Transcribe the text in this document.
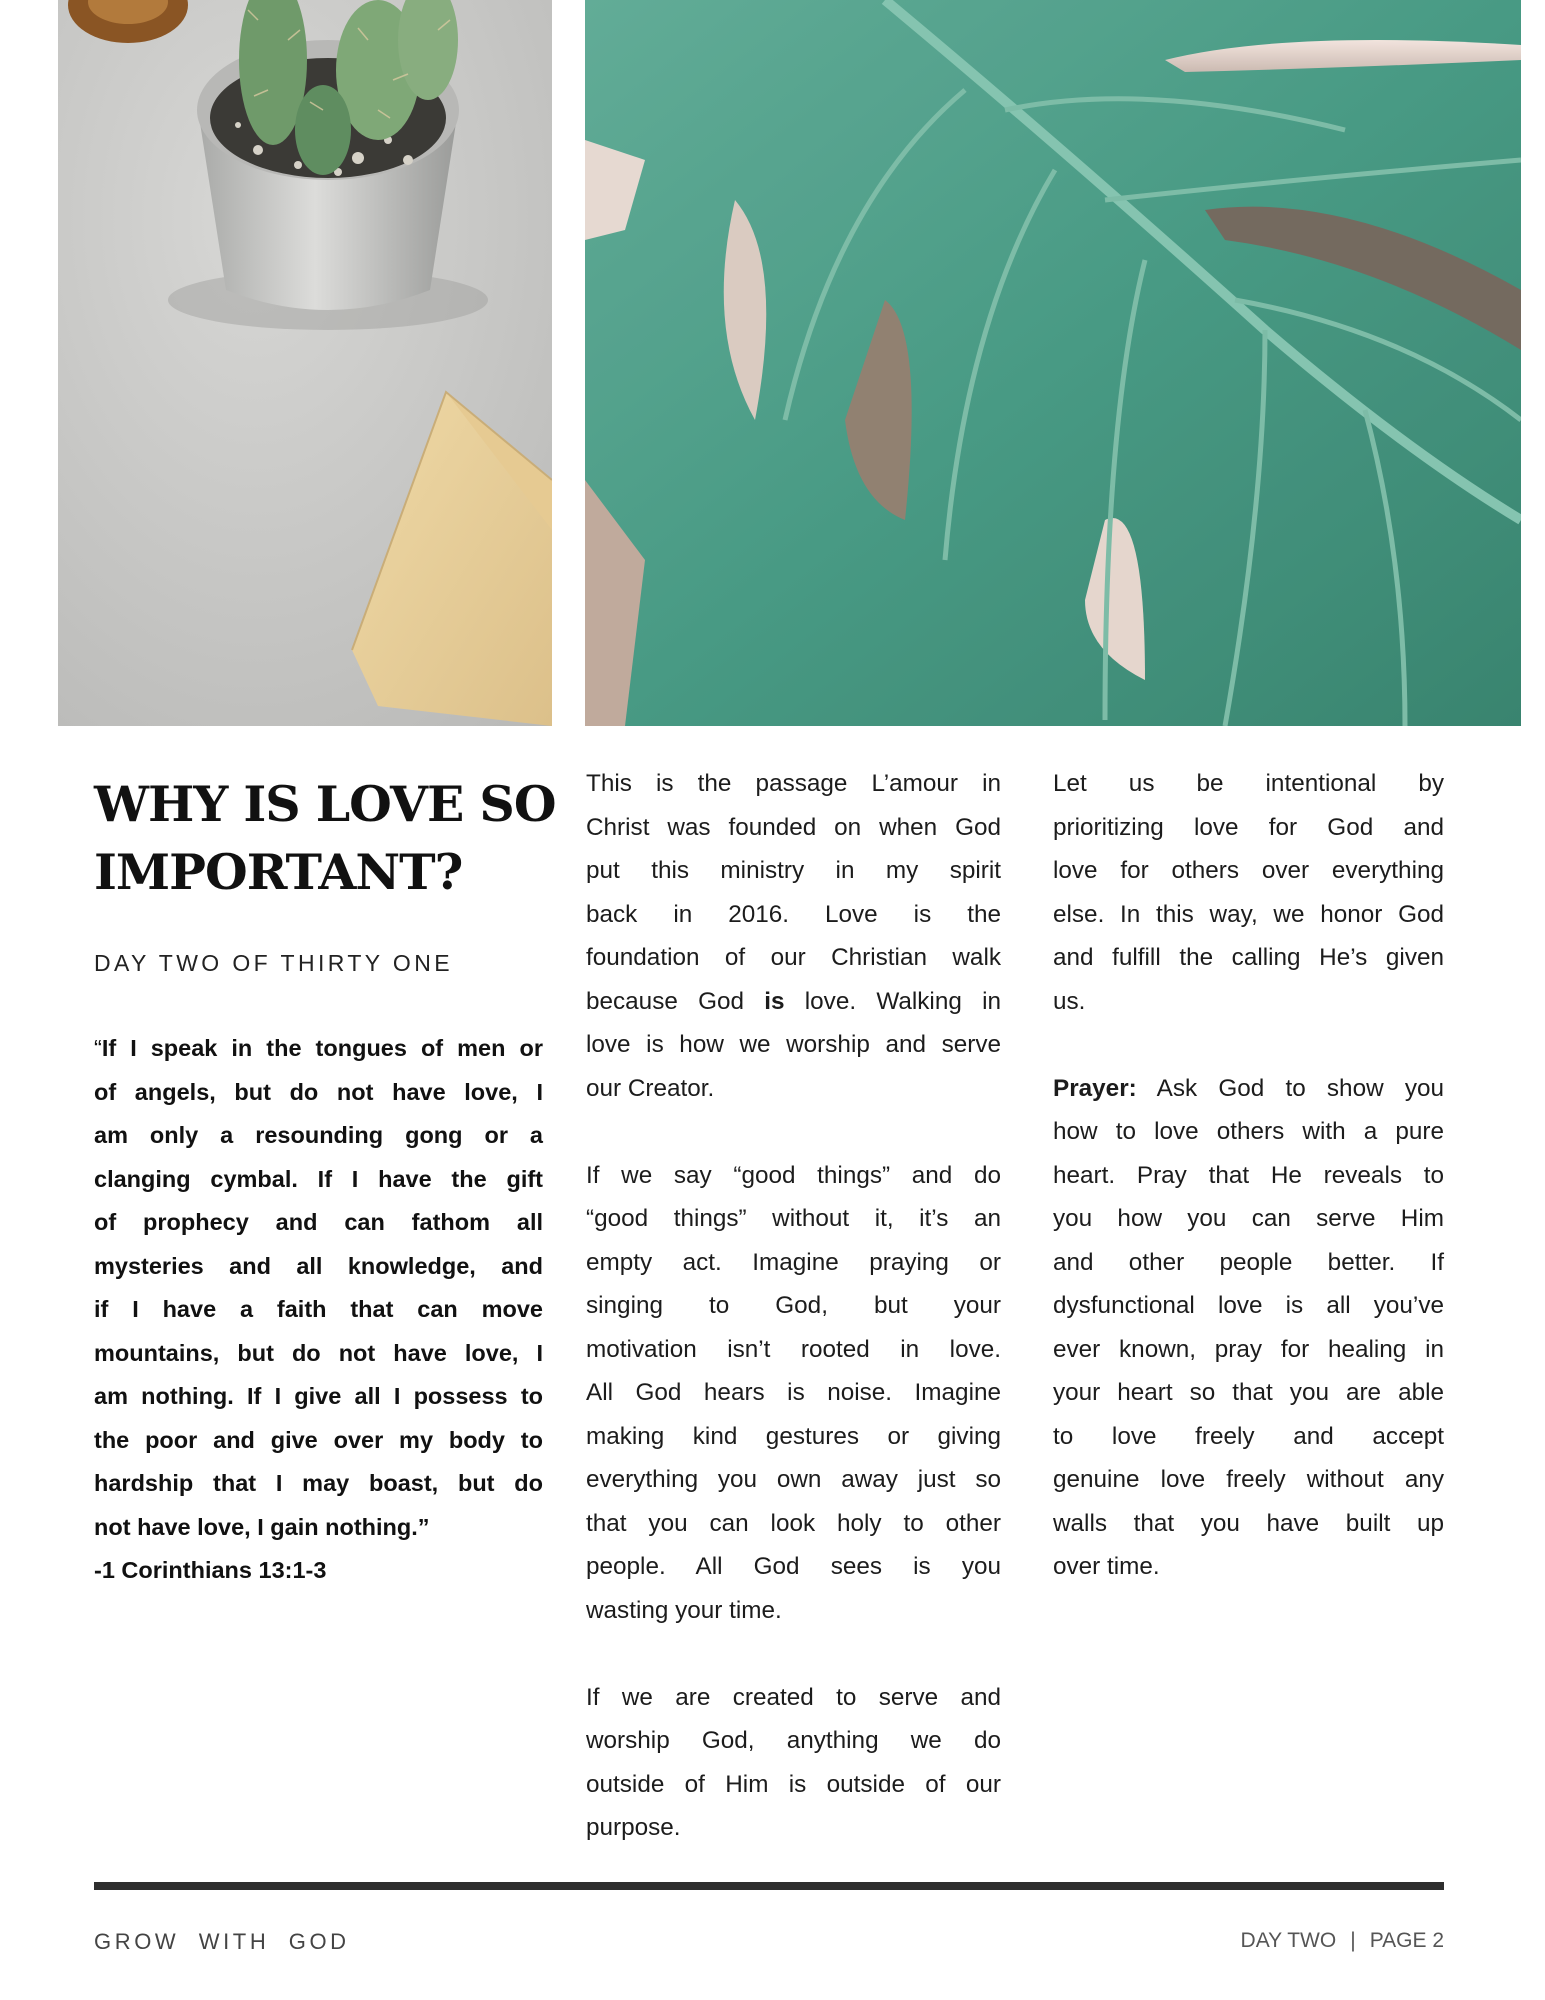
WHY IS LOVE SO
IMPORTANT?
DAY TWO OF THIRTY ONE
“If I speak in the tongues of men or
of angels, but do not have love, I
am only a resounding gong or a
clanging cymbal. If I have the gift
of prophecy and can fathom all
mysteries and all knowledge, and
if I have a faith that can move
mountains, but do not have love, I
am nothing. If I give all I possess to
the poor and give over my body to
hardship that I may boast, but do
not have love, I gain nothing.”
-1 Corinthians 13:1-3
This is the passage L’amour in
Christ was founded on when God
put this ministry in my spirit
back in 2016. Love is the
foundation of our Christian walk
because God is love. Walking in
love is how we worship and serve
our Creator.
If we say “good things” and do
“good things” without it, it’s an
empty act. Imagine praying or
singing to God, but your
motivation isn’t rooted in love.
All God hears is noise. Imagine
making kind gestures or giving
everything you own away just so
that you can look holy to other
people. All God sees is you
wasting your time.
If we are created to serve and
worship God, anything we do
outside of Him is outside of our
purpose.
Let us be intentional by
prioritizing love for God and
love for others over everything
else. In this way, we honor God
and fulfill the calling He’s given
us.
Prayer: Ask God to show you
how to love others with a pure
heart. Pray that He reveals to
you how you can serve Him
and other people better. If
dysfunctional love is all you’ve
ever known, pray for healing in
your heart so that you are able
to love freely and accept
genuine love freely without any
walls that you have built up
over time.
GROW  WITH  GOD	DAY TWO | PAGE 2
